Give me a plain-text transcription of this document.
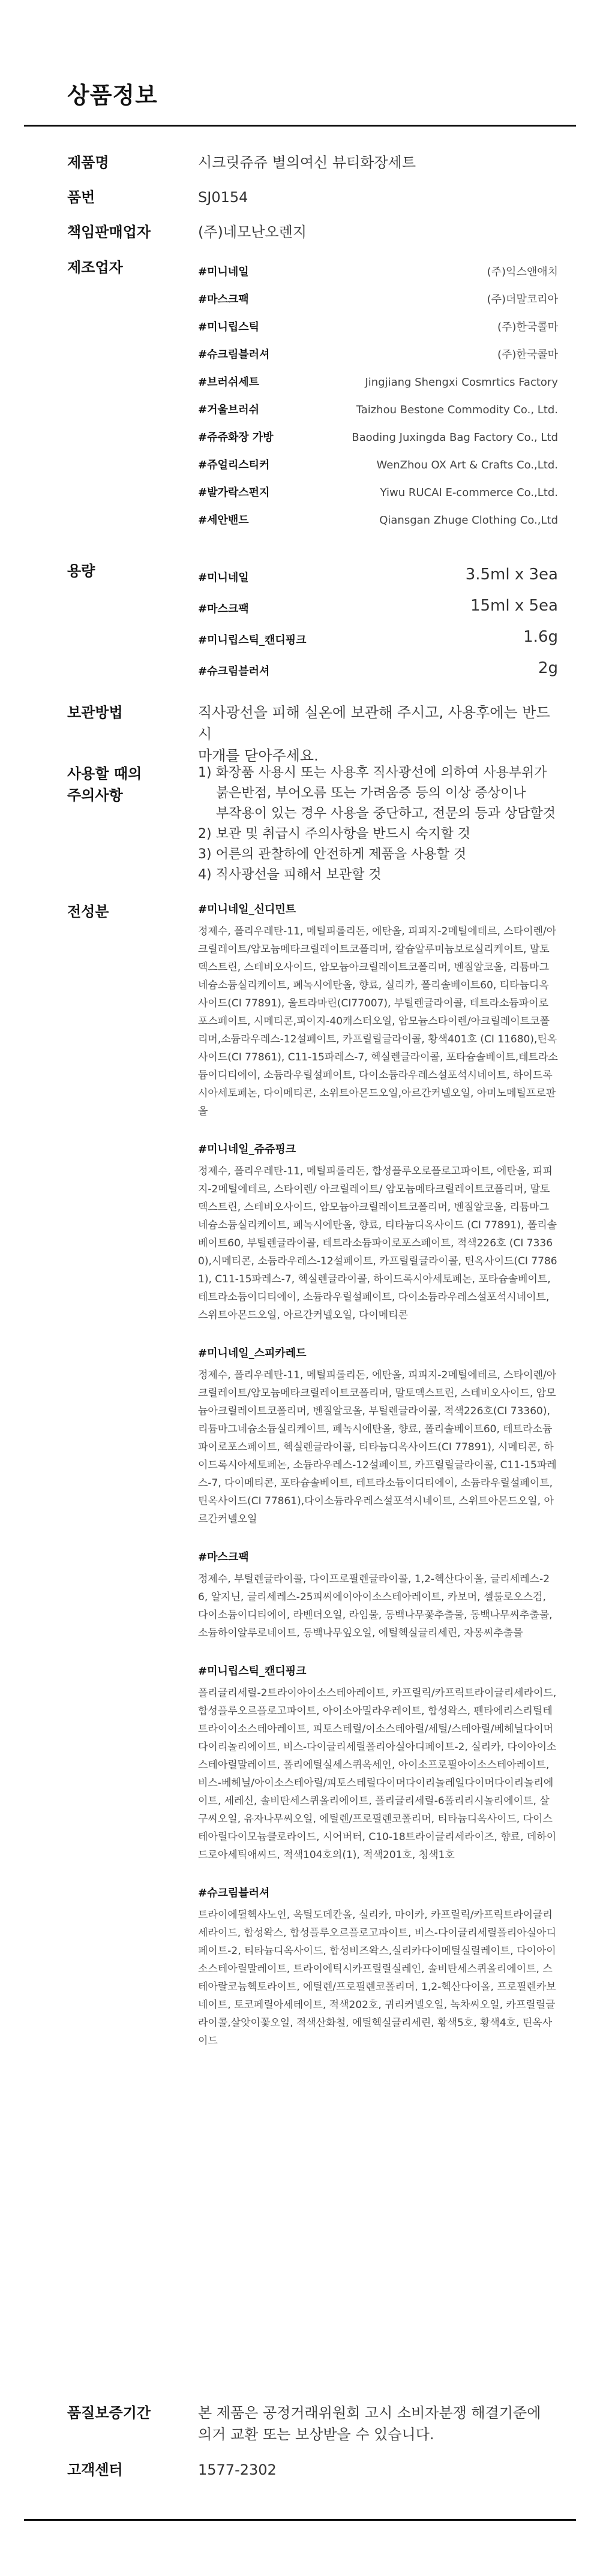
상품정보
제품명	시크릿쥬쥬 별의여신 뷰티화장세트
품번	SJ0154
책임판매업자	(주)네모난오렌지
제조업자	#미니네일	(주)익스앤애치
#마스크팩	(주)더말코리아
#미니립스틱	(주)한국콜마
#슈크림블러셔	(주)한국콜마
#브러쉬세트	Jingjiang Shengxi Cosmrtics Factory
#거울브러쉬	Taizhou Bestone Commodity Co., Ltd.
#쥬쥬화장 가방	Baoding Juxingda Bag Factory Co., Ltd
#쥬얼리스티커	WenZhou OX Art & Crafts Co.,Ltd.
#발가락스펀지	Yiwu RUCAI E-commerce Co.,Ltd.
#세안밴드	Qiansgan Zhuge Clothing Co.,Ltd
용량	#미니네일	3.5ml x 3ea
#마스크팩	15ml x 5ea
#미니립스틱_캔디핑크	1.6g
#슈크림블러셔	2g
보관방법	직사광선을 피해 실온에 보관해 주시고, 사용후에는 반드시
마개를 닫아주세요.
사용할 때의
주의사항
1) 화장품 사용시 또는 사용후 직사광선에 의하여 사용부위가
붉은반점, 부어오름 또는 가려움증 등의 이상 증상이나
부작용이 있는 경우 사용을 중단하고, 전문의 등과 상담할것
2) 보관 및 취급시 주의사항을 반드시 숙지할 것
3) 어른의 관찰하에 안전하게 제품을 사용할 것
4) 직사광선을 피해서 보관할 것
전성분	#미니네일_신디민트
정제수, 폴리우레탄-11, 메틸피롤리돈, 에탄올, 피피지-2메틸에테르, 스타이렌/아크릴레이트/암모늄메타크릴레이트코폴리머, 칼슘알루미늄보로실리케이트, 말토덱스트린, 스테비오사이드, 암모늄아크릴레이트코폴리머, 벤질알코올, 리튬마그네슘소듐실리케이트, 폐녹시에탄올, 향료, 실리카, 폴리솔베이트60, 티타늄디옥사이드(CI 77891), 울트라마린(CI77007), 부틸렌글라이콜, 테트라소듐파이로포스페이트, 시메티콘,피이지-40캐스터오일, 암모늄스타이렌/아크릴레이트코폴리머,소듐라우레스-12설페이트, 카프릴릴글라이콜, 황색401호 (CI 11680),틴옥사이드(CI 77861), C11-15파레스-7, 헥실렌글라이콜, 포타슘솔베이트,테트라소듐이디티에이, 소듐라우릴설페이트, 다이소듐라우레스설포석시네이트, 하이드록시아세토페논, 다이메티콘, 소위트아몬드오일,아르간커넬오일, 아미노메틸프로판올
#미니네일_쥬쥬핑크
정제수, 폴리우레탄-11, 메틸피롤리돈, 합성플루오로플로고파이트, 에탄올, 피피지-2메틸에테르, 스타이렌/ 아크릴레이트/ 암모늄메타크릴레이트코폴리머, 말토덱스트린, 스테비오사이드, 암모늄아크릴레이트코폴리머, 벤질알코올, 리튬마그네슘소듐실리케이트, 페녹시에탄올, 향료, 티타늄디옥사이드 (CI 77891), 폴리솔베이트60, 부틸렌글라이콜, 테트라소듐파이로포스페이트, 적색226호 (CI 73360),시메티콘, 소듐라우레스-12설페이트, 카프릴릴글라이콜, 틴옥사이드(CI 77861), C11-15파레스-7, 헥실렌글라이콜, 하이드록시아세토페논, 포타슘솔베이트, 테트라소듐이디티에이, 소듐라우릴설페이트, 다이소듐라우레스설포석시네이트, 스위트아몬드오일, 아르간커넬오일, 다이메티콘
#미니네일_스피카레드
정제수, 폴리우레탄-11, 메틸피롤리돈, 에탄올, 피피지-2메틸에테르, 스타이렌/아크릴레이트/암모늄메타크릴레이트코폴리머, 말토덱스트린, 스테비오사이드, 암모늄아크릴레이트코폴리머, 벤질알코올, 부틸렌글라이콜, 적색226호(CI 73360), 리튬마그네슘소듐실리케이트, 페녹시에탄올, 향료, 폴리솔베이트60, 테트라소듐파이로포스페이트, 헥실렌글라이콜, 티타늄디옥사이드(CI 77891), 시메티콘, 하이드록시아세토페논, 소듐라우레스-12설페이트, 카프릴릴글라이콜, C11-15파레스-7, 다이메티콘, 포타슘솔베이트, 테트라소듐이디티에이, 소듐라우릴설페이트, 틴옥사이드(CI 77861),다이소듐라우레스설포석시네이트, 스위트아몬드오일, 아르간커넬오일
#마스크팩
정제수, 부틸렌글라이콜, 다이프로필렌글라이콜, 1,2-헥산다이올, 글리세레스-26, 알지닌, 글리세레스-25피씨에이아이소스테아레이트, 카보머, 셀룰로오스검, 다이소듐이디티에이, 라벤더오일, 라임물, 동백나무꽃추출물, 동백나무씨추출물, 소듐하이알루로네이트, 동백나무잎오일, 에틸헥실글리세린, 자몽씨추출물
#미니립스틱_캔디핑크
폴리글리세릴-2트라이아이소스테아레이트, 카프릴릭/카프릭트라이글리세라이드, 합성플루오르플로고파이트, 아이소아밀라우레이트, 합성왁스, 펜타에리스리틸테트라이이소스테아레이트, 피토스테릴/이소스테아릴/세틸/스테아릴/베헤닐다이머다이리놀리에이트, 비스-다이글리세릴폴리아실아디페이트-2, 실리카, 다이아이소스테아릴말레이트, 폴리에틸실세스퀴옥세인, 아이소프로필아이소스테아레이트, 비스-베헤닐/아이소스테아릴/피토스테릴다이머다이리놀레일다이머다이리놀리에이트, 세레신, 솔비탄세스퀴올리에이트, 폴리글리세릴-6폴리리시놀리에이트, 살구씨오일, 유자나무씨오일, 에틸렌/프로필렌코폴리머, 티타늄디옥사이드, 다이스테아릴다이모늄클로라이드, 시어버터, C10-18트라이글리세라이즈, 향료, 데하이드로아세틱애씨드, 적색104호의(1), 적색201호, 청색1호
#슈크림블러셔
트라이에뒬헥사노인, 옥틸도데칸올, 실리카, 마이카, 카프릴릭/카프릭트라이글리세라이드, 합성왁스, 합성플루오르플로고파이트, 비스-다이글리세릴폴리아실아디페이트-2, 티타늄디옥사이드, 합성비즈왁스,실리카다이메틸실릴레이트, 다이아이소스테아릴말레이트, 트라이에틱시카프릴릴실레인, 솔비탄세스퀴올리에이트, 스테아랄코늄헥토라이트, 에틸렌/프로필렌코폴리머, 1,2-헥산다이올, 프로필렌카보네이트, 토코페릴아세테이트, 적색202호, 귀리커넬오일, 녹차씨오일, 카프릴릴글라이콜,살앗이꽃오일, 적색산화철, 에틸헥실글리세린, 황색5호, 황색4호, 틴옥사이드
품질보증기간	본 제품은 공정거래위원회 고시 소비자분쟁 해결기준에
의거 교환 또는 보상받을 수 있습니다.
고객센터	1577-2302
